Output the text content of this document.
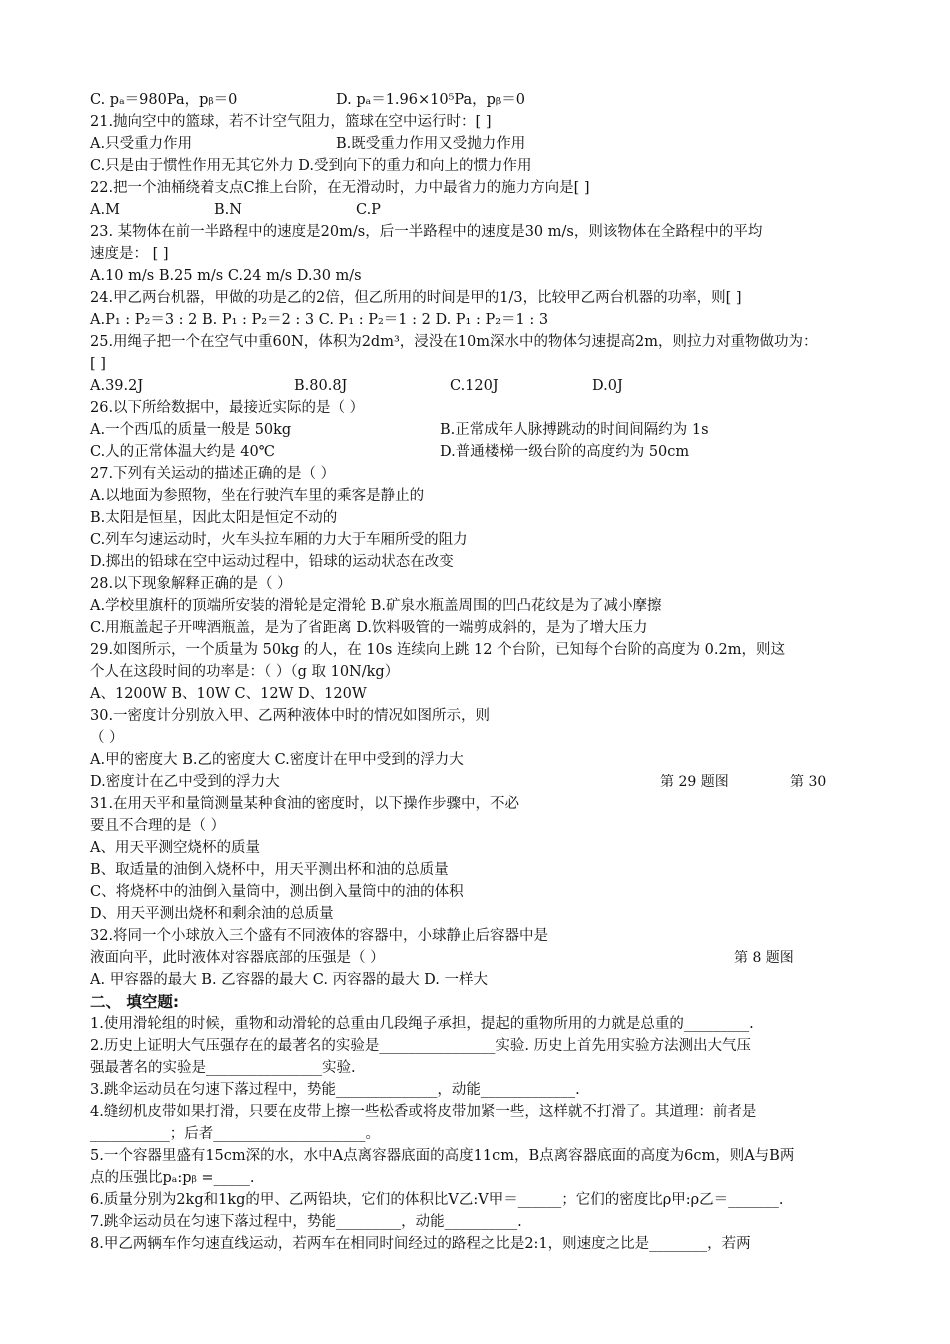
C. pₐ＝980Pa，pᵦ＝0	D. pₐ＝1.96×10⁵Pa，pᵦ＝0
21.抛向空中的篮球，若不计空气阻力，篮球在空中运行时：[ ]
A.只受重力作用	B.既受重力作用又受抛力作用
C.只是由于惯性作用无其它外力 D.受到向下的重力和向上的惯力作用
22.把一个油桶绕着支点C推上台阶，在无滑动时，力中最省力的施力方向是[ ]
A.M	B.N	C.P
23. 某物体在前一半路程中的速度是20m/s，后一半路程中的速度是30 m/s，则该物体在全路程中的平均
速度是： [ ]
A.10 m/s B.25 m/s C.24 m/s D.30 m/s
24.甲乙两台机器，甲做的功是乙的2倍，但乙所用的时间是甲的1/3，比较甲乙两台机器的功率，则[ ]
A.P₁ : P₂＝3 : 2 B. P₁ : P₂＝2 : 3 C. P₁ : P₂＝1 : 2 D. P₁ : P₂＝1 : 3
25.用绳子把一个在空气中重60N，体积为2dm³，浸没在10m深水中的物体匀速提高2m，则拉力对重物做功为：
[ ]
A.39.2J	B.80.8J	C.120J	D.0J
26.以下所给数据中，最接近实际的是（ ）
A.一个西瓜的质量一般是 50kg	B.正常成年人脉搏跳动的时间间隔约为 1s
C.人的正常体温大约是 40℃	D.普通楼梯一级台阶的高度约为 50cm
27.下列有关运动的描述正确的是（ ）
A.以地面为参照物，坐在行驶汽车里的乘客是静止的
B.太阳是恒星，因此太阳是恒定不动的
C.列车匀速运动时，火车头拉车厢的力大于车厢所受的阻力
D.掷出的铅球在空中运动过程中，铅球的运动状态在改变
28.以下现象解释正确的是（ ）
A.学校里旗杆的顶端所安装的滑轮是定滑轮 B.矿泉水瓶盖周围的凹凸花纹是为了减小摩擦
C.用瓶盖起子开啤酒瓶盖，是为了省距离 D.饮料吸管的一端剪成斜的，是为了增大压力
29.如图所示，一个质量为 50kg 的人，在 10s 连续向上跳 12 个台阶，已知每个台阶的高度为 0.2m，则这
个人在这段时间的功率是：（ ）（g 取 10N/kg）
A、1200W B、10W C、12W D、120W
30.一密度计分别放入甲、乙两种液体中时的情况如图所示，则
（ ）
A.甲的密度大 B.乙的密度大 C.密度计在甲中受到的浮力大
D.密度计在乙中受到的浮力大	第 29 题图	第 30
31.在用天平和量筒测量某种食油的密度时，以下操作步骤中，不必
要且不合理的是（ ）
A、用天平测空烧杯的质量
B、取适量的油倒入烧杯中，用天平测出杯和油的总质量
C、将烧杯中的油倒入量筒中，测出倒入量筒中的油的体积
D、用天平测出烧杯和剩余油的总质量
32.将同一个小球放入三个盛有不同液体的容器中，小球静止后容器中是
液面向平，此时液体对容器底部的压强是（ ）	第 8 题图
A. 甲容器的最大 B. 乙容器的最大 C. 丙容器的最大 D. 一样大
二、 填空题:
1.使用滑轮组的时候，重物和动滑轮的总重由几段绳子承担，提起的重物所用的力就是总重的_________.
2.历史上证明大气压强存在的最著名的实验是________________实验. 历史上首先用实验方法测出大气压
强最著名的实验是________________实验.
3.跳伞运动员在匀速下落过程中，势能______________，动能_____________.
4.缝纫机皮带如果打滑，只要在皮带上擦一些松香或将皮带加紧一些，这样就不打滑了。其道理：前者是
___________；后者_____________________。
5.一个容器里盛有15cm深的水，水中A点离容器底面的高度11cm，B点离容器底面的高度为6cm，则A与B两
点的压强比pₐ:pᵦ =_____.
6.质量分别为2kg和1kg的甲、乙两铅块，它们的体积比V乙:V甲＝______；它们的密度比ρ甲:ρ乙＝_______.
7.跳伞运动员在匀速下落过程中，势能_________，动能__________.
8.甲乙两辆车作匀速直线运动，若两车在相同时间经过的路程之比是2:1，则速度之比是________，若两
